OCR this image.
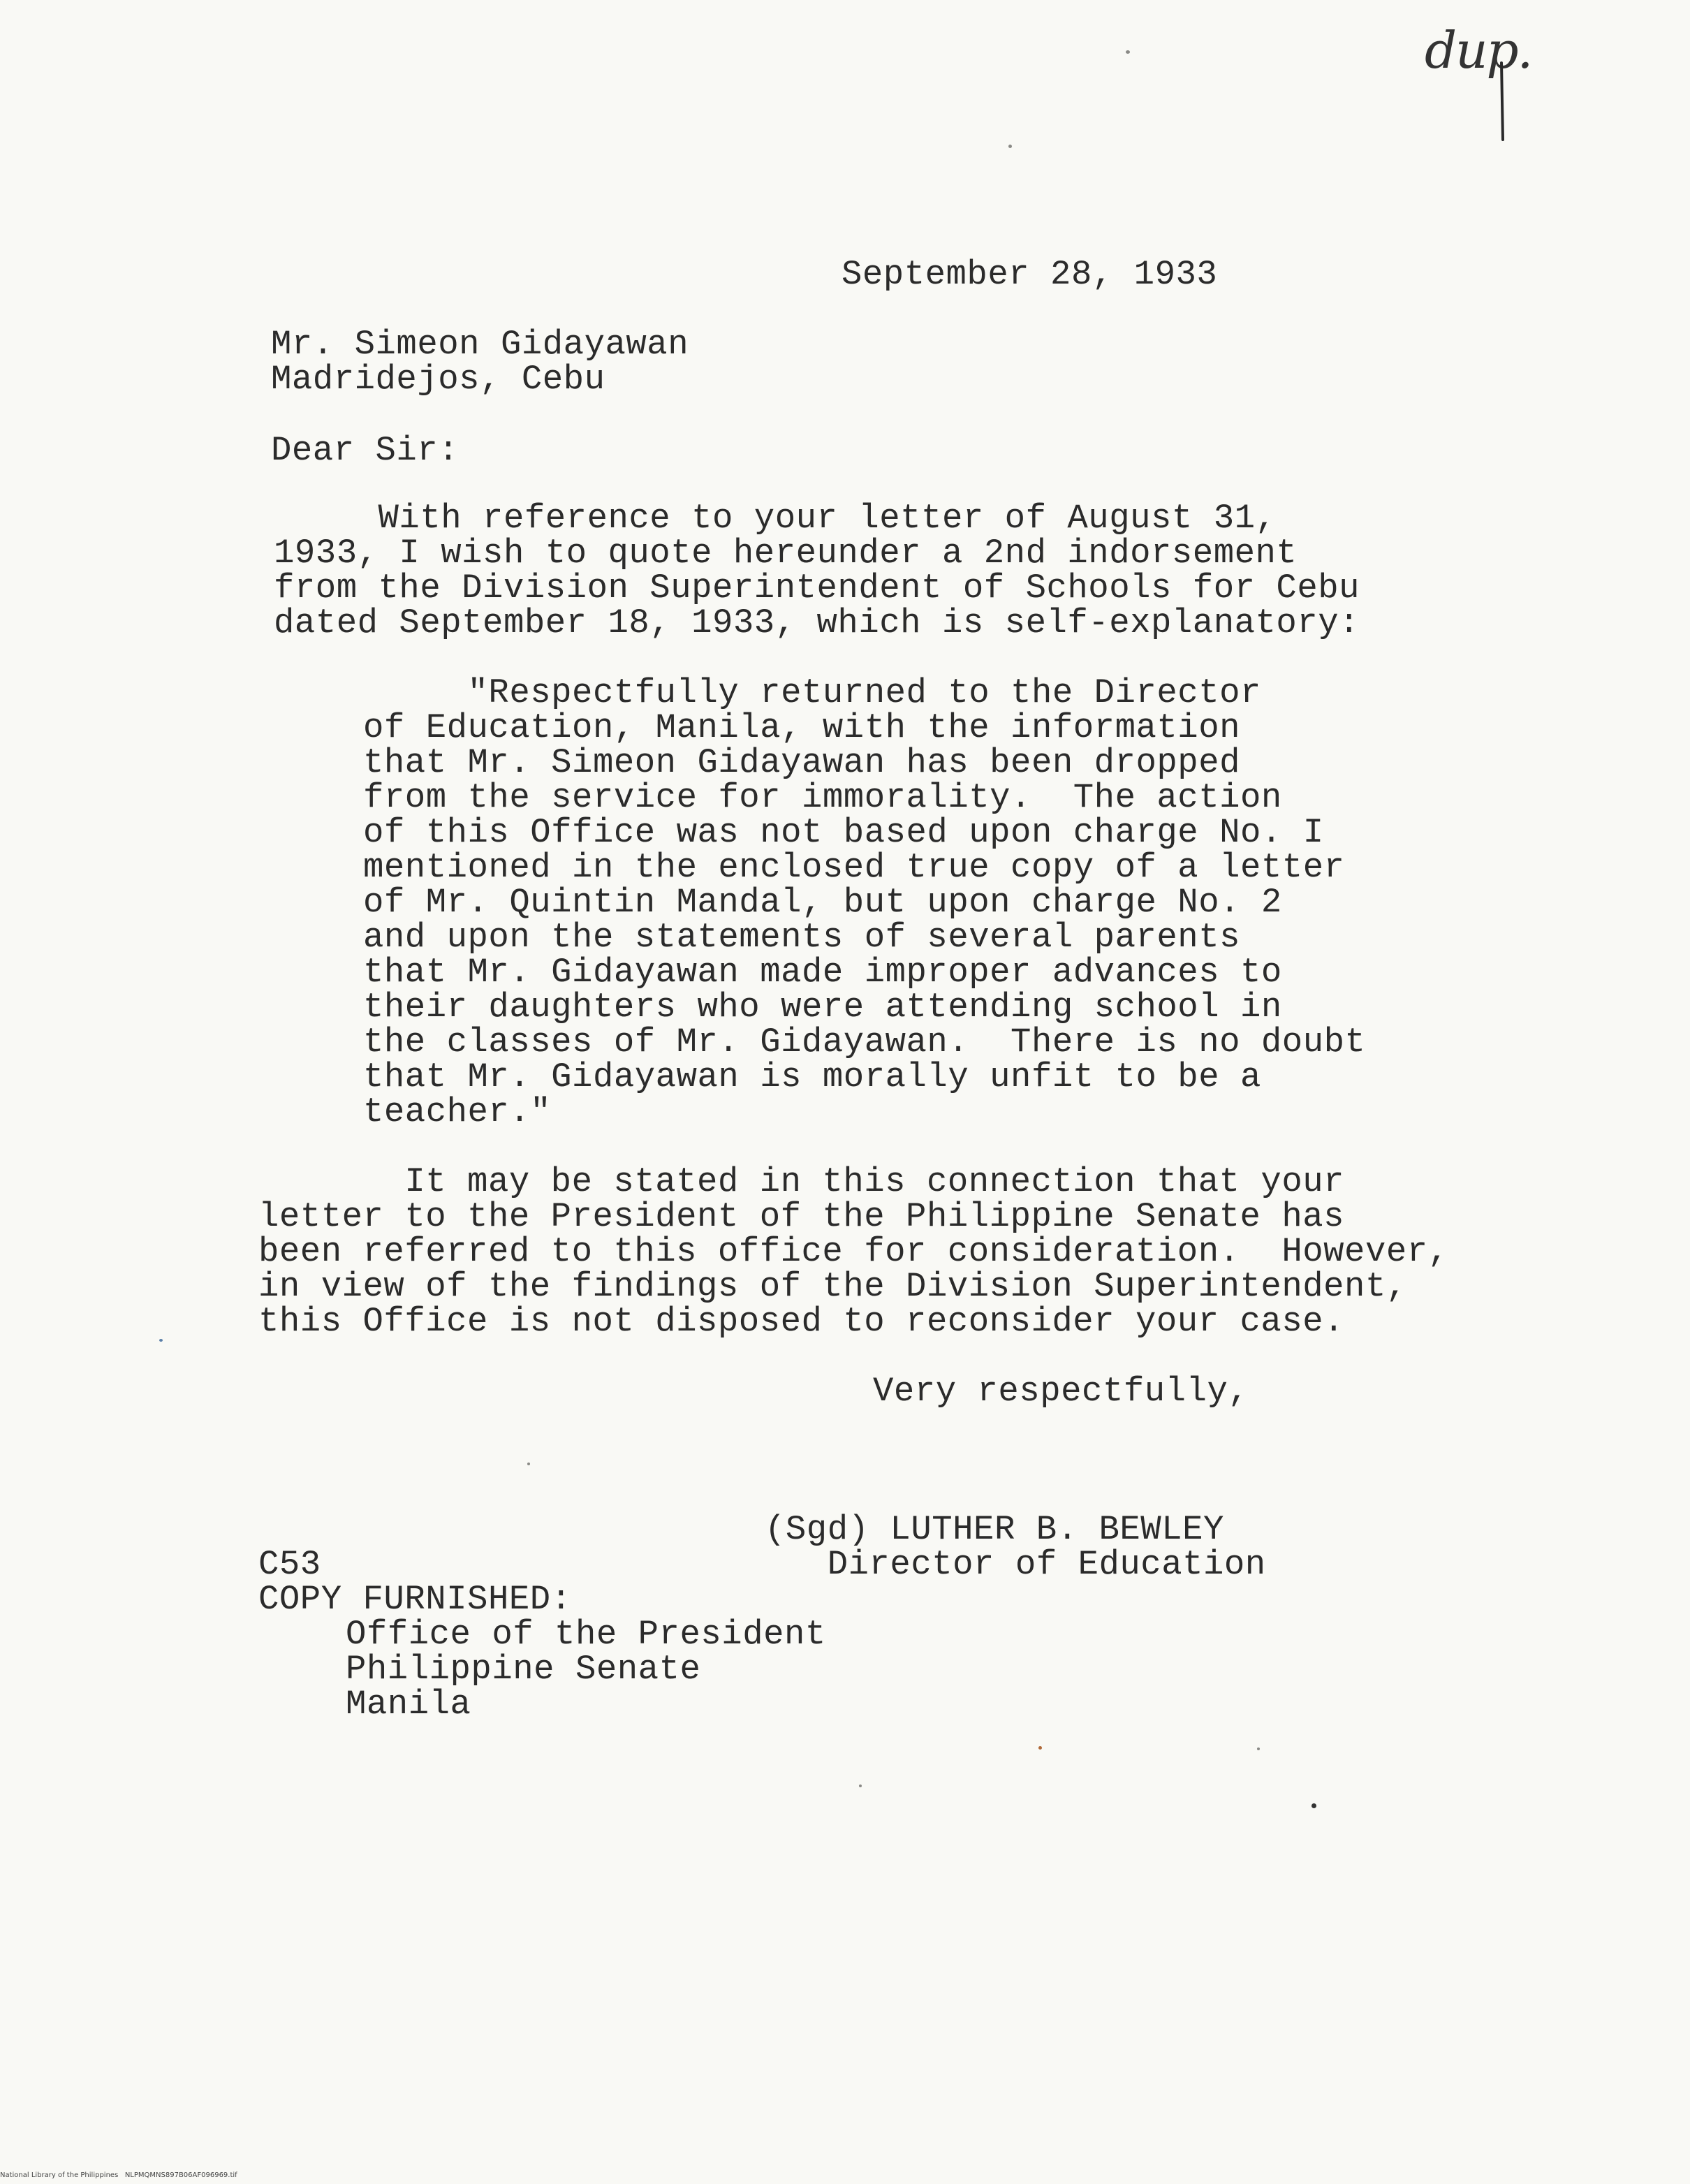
dup.

September 28, 1933

Mr. Simeon Gidayawan

Madridejos, Cebu

Dear Sir:

With reference to your letter of August 31,

1933, I wish to quote hereunder a 2nd indorsement

from the Division Superintendent of Schools for Cebu

dated September 18, 1933, which is self-explanatory:

"Respectfully returned to the Director

of Education, Manila, with the information

that Mr. Simeon Gidayawan has been dropped

from the service for immorality.  The action

of this Office was not based upon charge No. I

mentioned in the enclosed true copy of a letter

of Mr. Quintin Mandal, but upon charge No. 2

and upon the statements of several parents

that Mr. Gidayawan made improper advances to

their daughters who were attending school in

the classes of Mr. Gidayawan.  There is no doubt

that Mr. Gidayawan is morally unfit to be a

teacher."

It may be stated in this connection that your

letter to the President of the Philippine Senate has

been referred to this office for consideration.  However,

in view of the findings of the Division Superintendent,

this Office is not disposed to reconsider your case.

Very respectfully,

(Sgd) LUTHER B. BEWLEY

Director of Education

C53

COPY FURNISHED:

Office of the President

Philippine Senate

Manila

National Library of the Philippines   NLPMQMNS897B06AF096969.tif
